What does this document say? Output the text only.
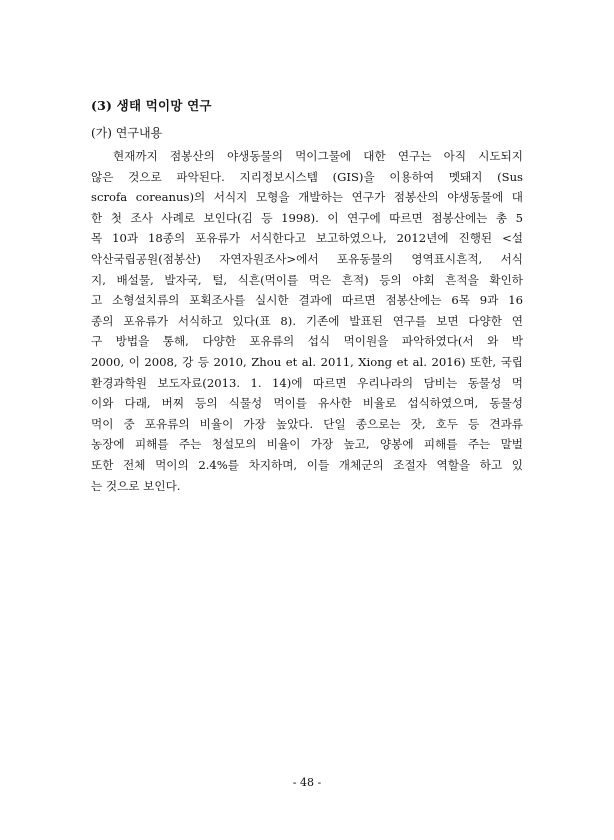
(3) 생태 먹이망 연구
(가) 연구내용
현재까지 점봉산의 야생동물의 먹이그물에 대한 연구는 아직 시도되지
않은 것으로 파악된다. 지리정보시스템 (GIS)을 이용하여 멧돼지 (Sus
scrofa coreanus)의 서식지 모형을 개발하는 연구가 점봉산의 야생동물에 대
한 첫 조사 사례로 보인다(김 등 1998). 이 연구에 따르면 점봉산에는 총 5
목 10과 18종의 포유류가 서식한다고 보고하였으나, 2012년에 진행된 <설
악산국립공원(점봉산) 자연자원조사>에서 포유동물의 영역표시흔적, 서식
지, 배설물, 발자국, 털, 식흔(먹이를 먹은 흔적) 등의 야회 흔적을 확인하
고 소형설치류의 포획조사를 실시한 결과에 따르면 점봉산에는 6목 9과 16
종의 포유류가 서식하고 있다(표 8). 기존에 발표된 연구를 보면 다양한 연
구 방법을 통해, 다양한 포유류의 섭식 먹이원을 파악하였다(서 와 박
2000, 이 2008, 강 등 2010, Zhou et al. 2011, Xiong et al. 2016) 또한, 국립
환경과학원 보도자료(2013. 1. 14)에 따르면 우리나라의 담비는 동물성 먹
이와 다래, 버찌 등의 식물성 먹이를 유사한 비율로 섭식하였으며, 동물성
먹이 중 포유류의 비율이 가장 높았다. 단일 종으로는 잣, 호두 등 견과류
농장에 피해를 주는 청설모의 비율이 가장 높고, 양봉에 피해를 주는 말벌
또한 전체 먹이의 2.4%를 차지하며, 이들 개체군의 조절자 역할을 하고 있
는 것으로 보인다.
- 48 -
